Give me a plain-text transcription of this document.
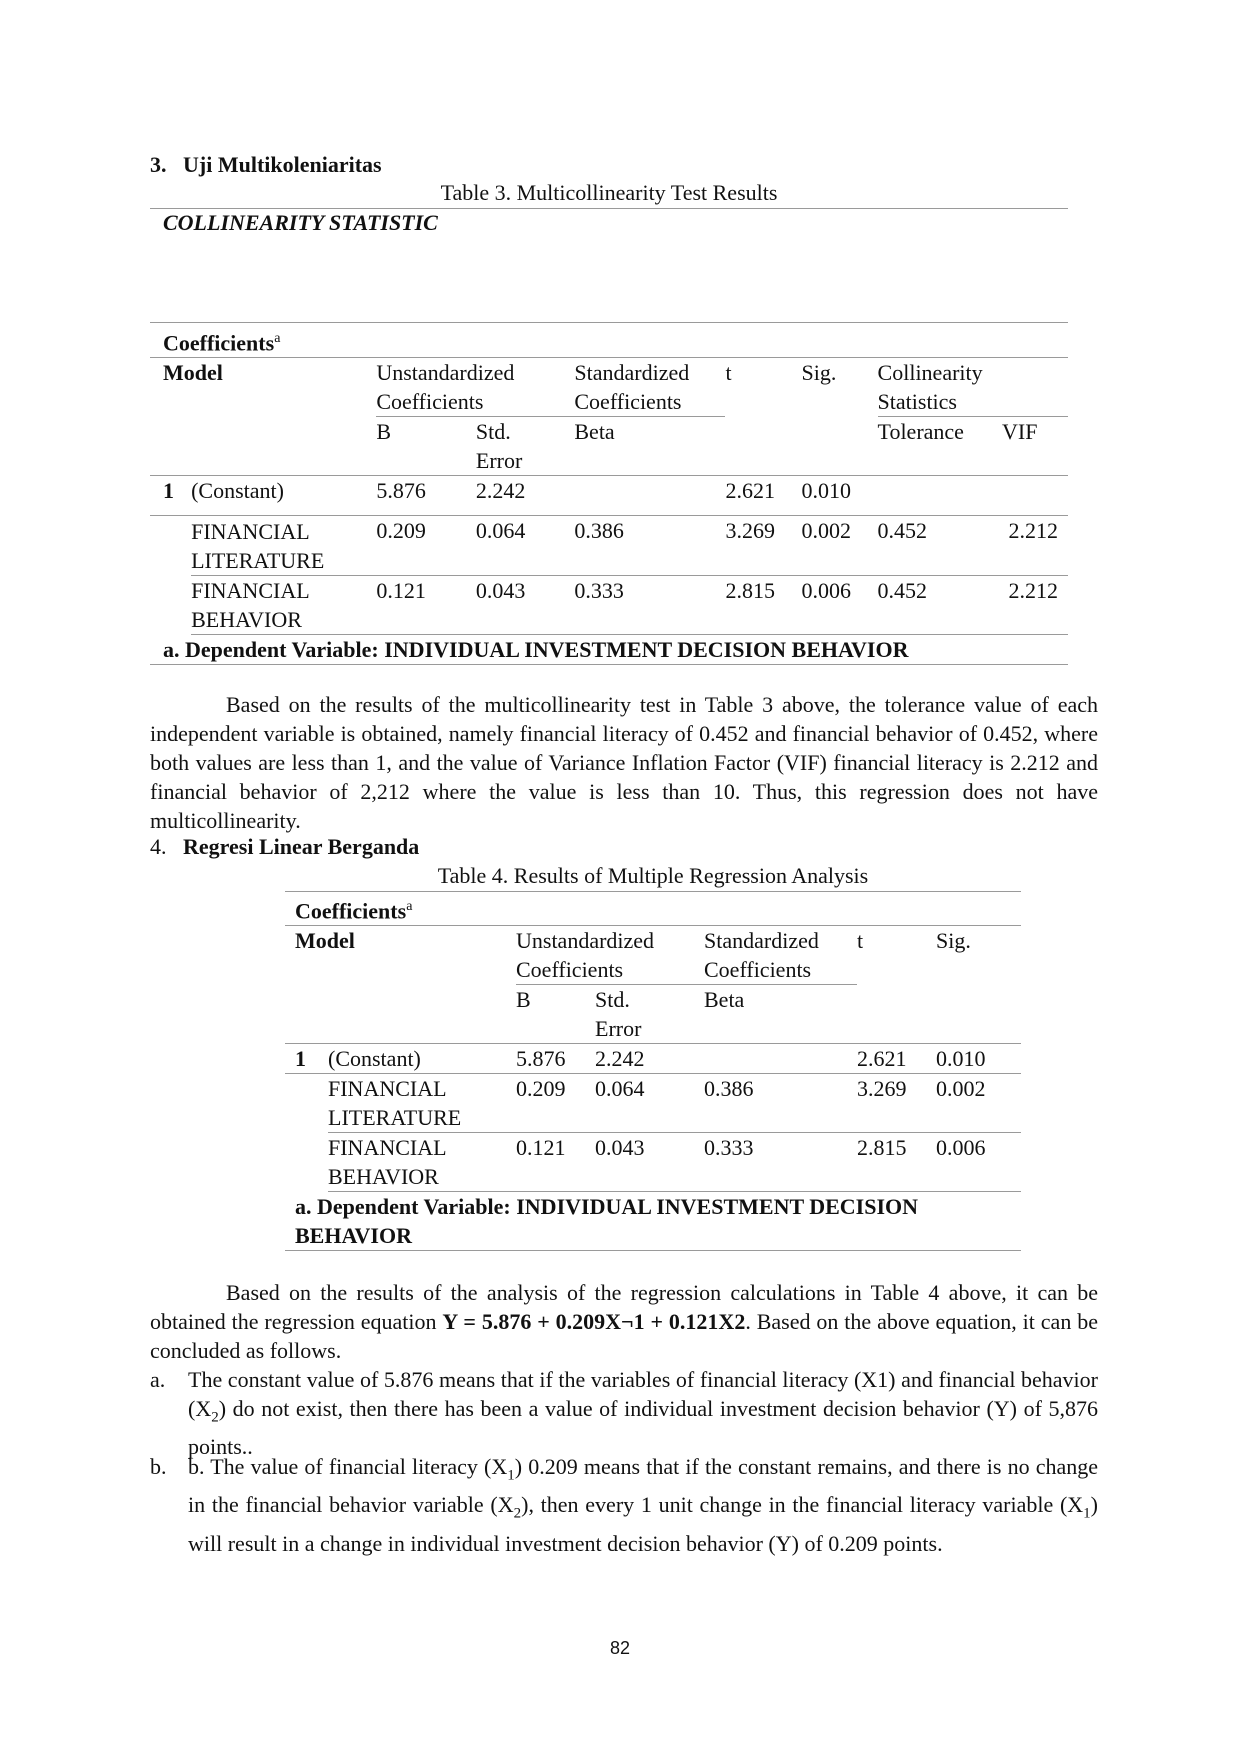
3. Uji Multikoleniaritas
Table 3. Multicollinearity Test Results
COLLINEARITY STATISTIC
Coefficients$^a$
Model		Unstandardized Coefficients		Standardized Coefficients	t	Sig.	Collinearity Statistics	
		B	Std. Error	Beta			Tolerance	VIF
1	(Constant)	5.876	2.242		2.621	0.010		
	FINANCIAL LITERATURE	0.209	0.064	0.386	3.269	0.002	0.452	2.212
	FINANCIAL BEHAVIOR	0.121	0.043	0.333	2.815	0.006	0.452	2.212
a. Dependent Variable: INDIVIDUAL INVESTMENT DECISION BEHAVIOR								
Based on the results of the multicollinearity test in Table 3 above, the tolerance value of each independent variable is obtained, namely financial literacy of 0.452 and financial behavior of 0.452, where both values are less than 1, and the value of Variance Inflation Factor (VIF) financial literacy is 2.212 and financial behavior of 2,212 where the value is less than 10. Thus, this regression does not have multicollinearity.
4. Regresi Linear Berganda
Table 4. Results of Multiple Regression Analysis
Coefficients$^a$
Model		Unstandardized Coefficients		Standardized Coefficients	t	Sig.
		B	Std. Error	Beta		
1	(Constant)	5.876	2.242		2.621	0.010
	FINANCIAL LITERATURE	0.209	0.064	0.386	3.269	0.002
	FINANCIAL BEHAVIOR	0.121	0.043	0.333	2.815	0.006
a. Dependent Variable: INDIVIDUAL INVESTMENT DECISION BEHAVIOR						
Based on the results of the analysis of the regression calculations in Table 4 above, it can be obtained the regression equation Y = 5.876 + 0.209X¬1 + 0.121X2. Based on the above equation, it can be concluded as follows.
a. The constant value of 5.876 means that if the variables of financial literacy (X1) and financial behavior $(X_2)$ do not exist, then there has been a value of individual investment decision behavior (Y) of 5,876 points..
b. b. The value of financial literacy $(X_1)$ 0.209 means that if the constant remains, and there is no change in the financial behavior variable $(X_2)$, then every 1 unit change in the financial literacy variable $(X_1)$ will result in a change in individual investment decision behavior (Y) of 0.209 points.
82
